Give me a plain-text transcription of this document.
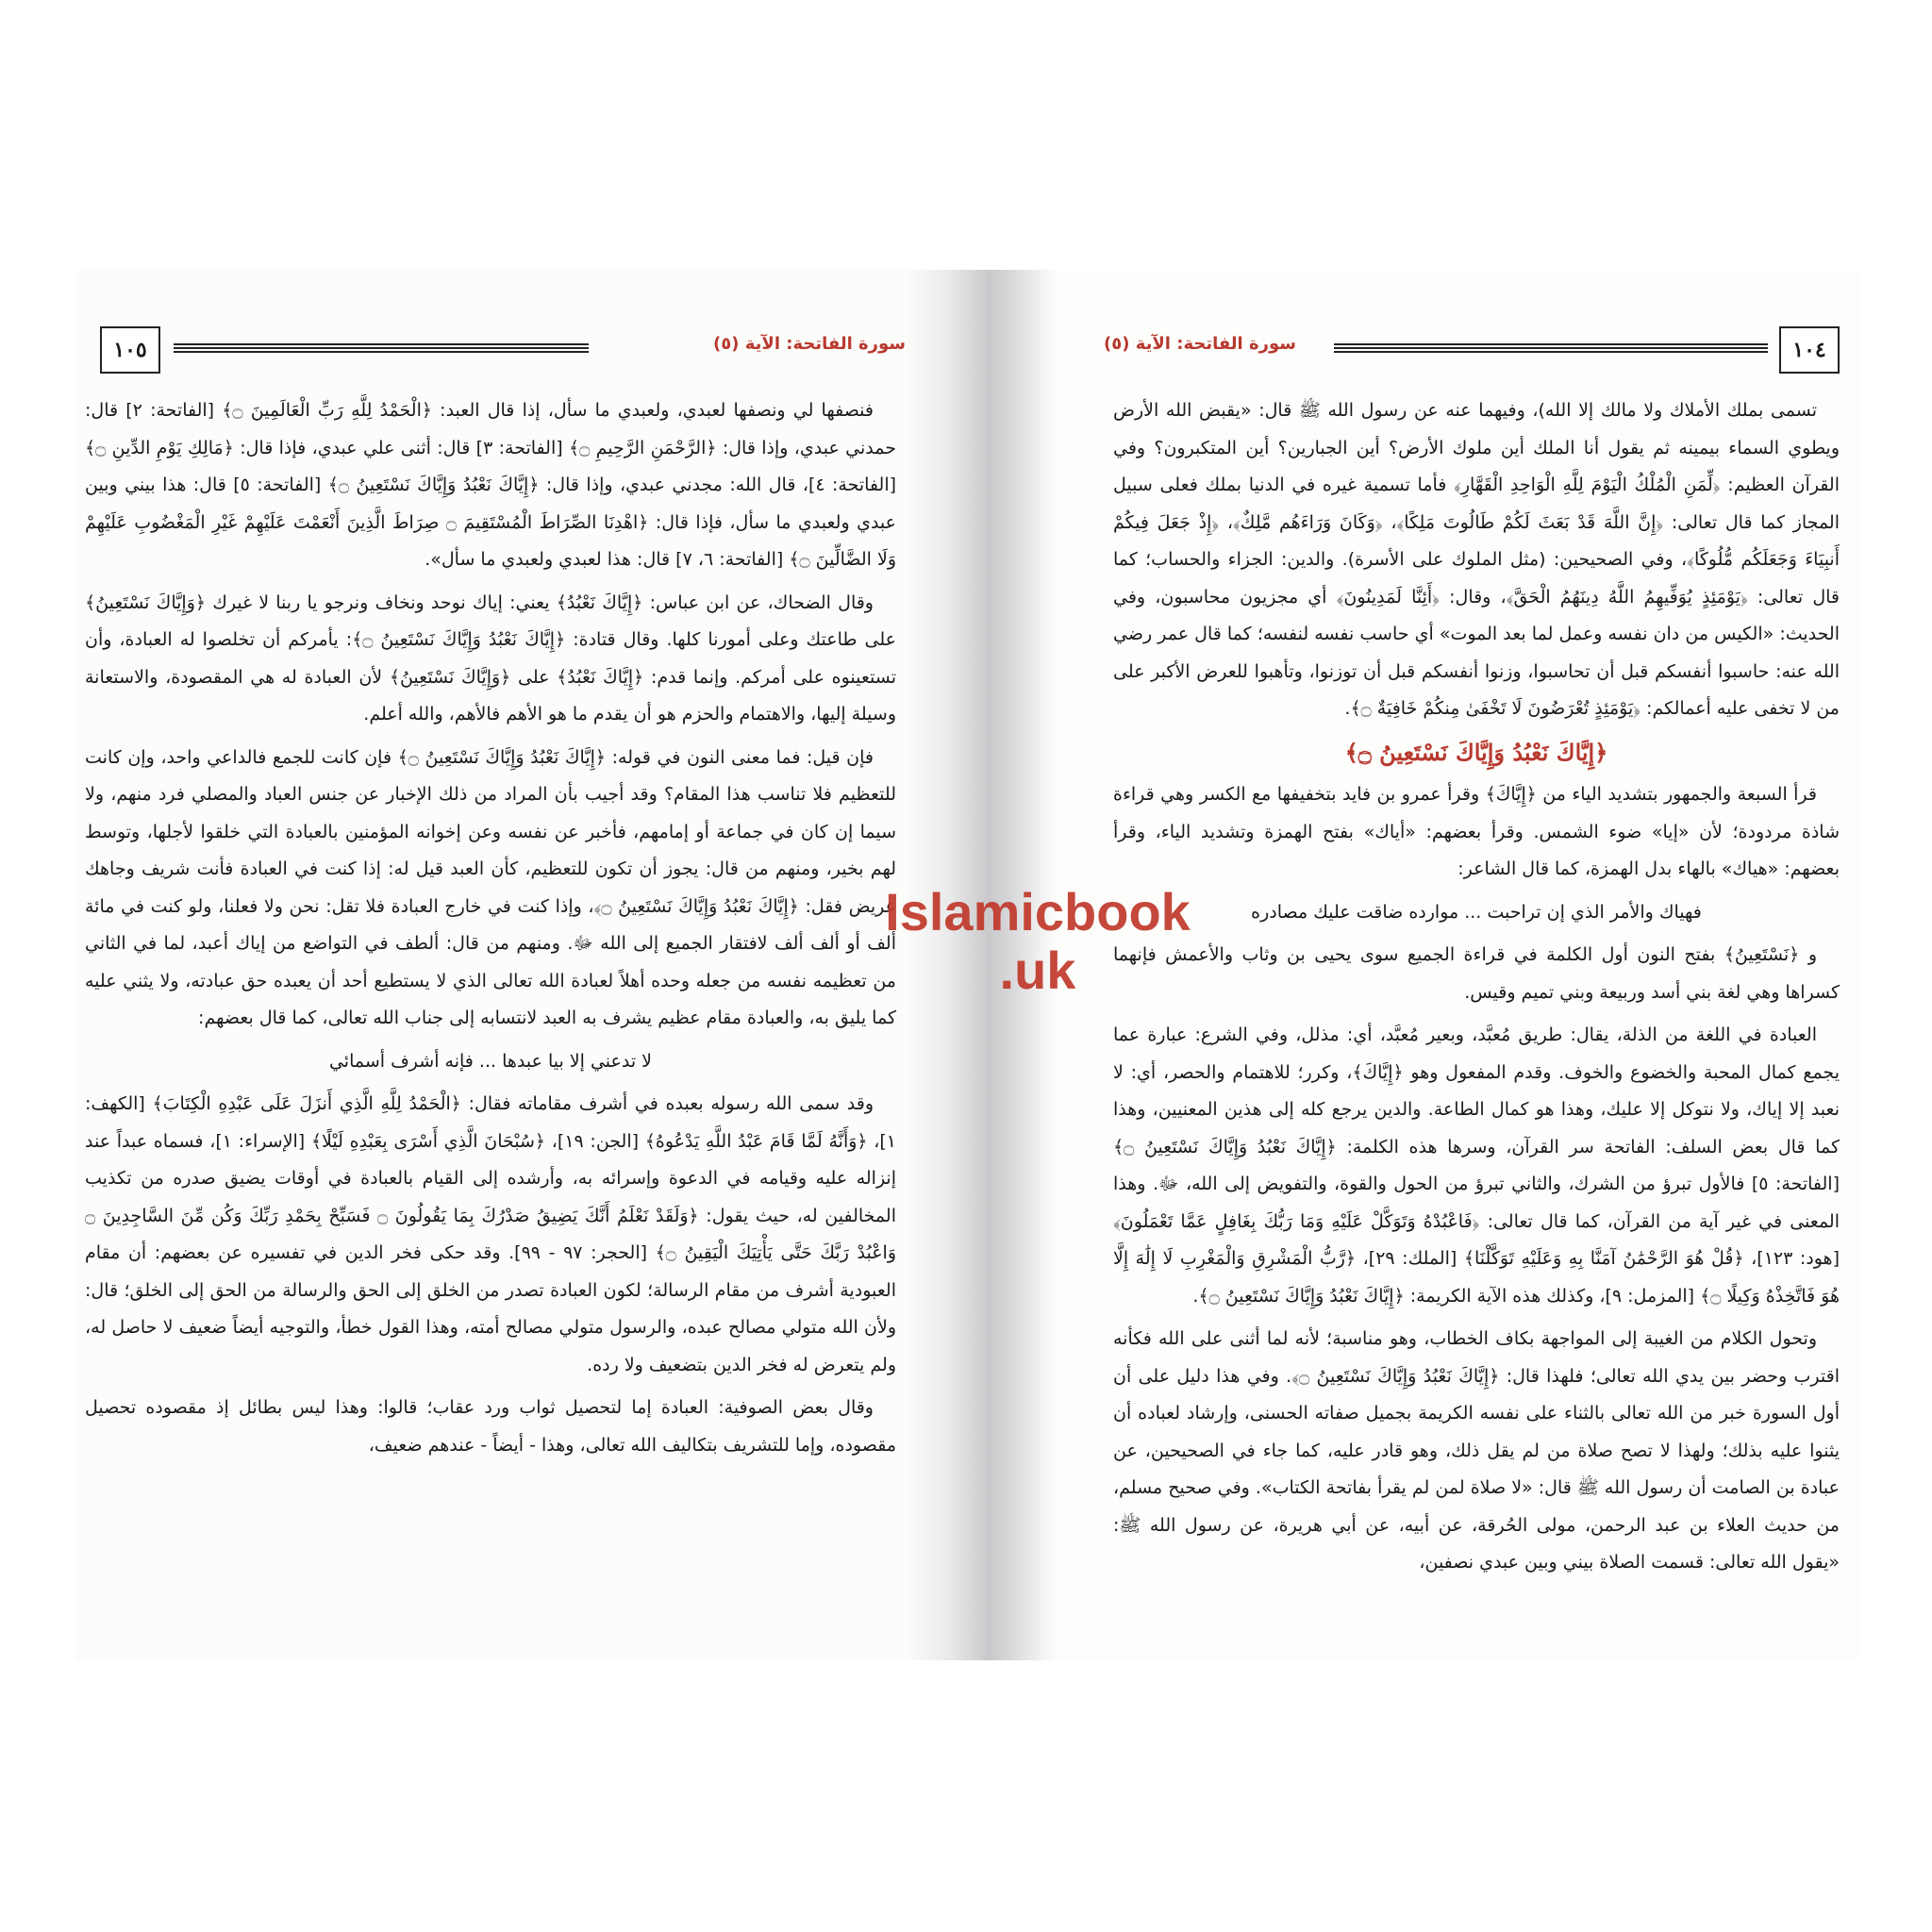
١٠٥	سورة الفاتحة: الآية (٥)

فنصفها لي ونصفها لعبدي، ولعبدي ما سأل، إذا قال العبد: ﴿الْحَمْدُ لِلَّهِ رَبِّ الْعَالَمِينَ ۝﴾ [الفاتحة: ٢] قال: حمدني عبدي، وإذا قال: ﴿الرَّحْمَنِ الرَّحِيمِ ۝﴾ [الفاتحة: ٣] قال: أثنى علي عبدي، فإذا قال: ﴿مَالِكِ يَوْمِ الدِّينِ ۝﴾ [الفاتحة: ٤]، قال الله: مجدني عبدي، وإذا قال: ﴿إِيَّاكَ نَعْبُدُ وَإِيَّاكَ نَسْتَعِينُ ۝﴾ [الفاتحة: ٥] قال: هذا بيني وبين عبدي ولعبدي ما سأل، فإذا قال: ﴿اهْدِنَا الصِّرَاطَ الْمُسْتَقِيمَ ۝ صِرَاطَ الَّذِينَ أَنْعَمْتَ عَلَيْهِمْ غَيْرِ الْمَغْضُوبِ عَلَيْهِمْ وَلَا الضَّالِّينَ ۝﴾ [الفاتحة: ٦، ٧] قال: هذا لعبدي ولعبدي ما سأل».

وقال الضحاك، عن ابن عباس: ﴿إِيَّاكَ نَعْبُدُ﴾ يعني: إياك نوحد ونخاف ونرجو يا ربنا لا غيرك ﴿وَإِيَّاكَ نَسْتَعِينُ﴾ على طاعتك وعلى أمورنا كلها. وقال قتادة: ﴿إِيَّاكَ نَعْبُدُ وَإِيَّاكَ نَسْتَعِينُ ۝﴾: يأمركم أن تخلصوا له العبادة، وأن تستعينوه على أمركم. وإنما قدم: ﴿إِيَّاكَ نَعْبُدُ﴾ على ﴿وَإِيَّاكَ نَسْتَعِينُ﴾ لأن العبادة له هي المقصودة، والاستعانة وسيلة إليها، والاهتمام والحزم هو أن يقدم ما هو الأهم فالأهم، والله أعلم.

فإن قيل: فما معنى النون في قوله: ﴿إِيَّاكَ نَعْبُدُ وَإِيَّاكَ نَسْتَعِينُ ۝﴾ فإن كانت للجمع فالداعي واحد، وإن كانت للتعظيم فلا تناسب هذا المقام؟ وقد أجيب بأن المراد من ذلك الإخبار عن جنس العباد والمصلي فرد منهم، ولا سيما إن كان في جماعة أو إمامهم، فأخبر عن نفسه وعن إخوانه المؤمنين بالعبادة التي خلقوا لأجلها، وتوسط لهم بخير، ومنهم من قال: يجوز أن تكون للتعظيم، كأن العبد قيل له: إذا كنت في العبادة فأنت شريف وجاهك عريض فقل: ﴿إِيَّاكَ نَعْبُدُ وَإِيَّاكَ نَسْتَعِينُ ۝﴾، وإذا كنت في خارج العبادة فلا تقل: نحن ولا فعلنا، ولو كنت في مائة ألف أو ألف ألف لافتقار الجميع إلى الله ﷻ. ومنهم من قال: ألطف في التواضع من إياك أعبد، لما في الثاني من تعظيمه نفسه من جعله وحده أهلاً لعبادة الله تعالى الذي لا يستطيع أحد أن يعبده حق عبادته، ولا يثني عليه كما يليق به، والعبادة مقام عظيم يشرف به العبد لانتسابه إلى جناب الله تعالى، كما قال بعضهم:

لا تدعني إلا بيا عبدها ... فإنه أشرف أسمائي

وقد سمى الله رسوله بعبده في أشرف مقاماته فقال: ﴿الْحَمْدُ لِلَّهِ الَّذِي أَنزَلَ عَلَى عَبْدِهِ الْكِتَابَ﴾ [الكهف: ١]، ﴿وَأَنَّهُ لَمَّا قَامَ عَبْدُ اللَّهِ يَدْعُوهُ﴾ [الجن: ١٩]، ﴿سُبْحَانَ الَّذِي أَسْرَى بِعَبْدِهِ لَيْلًا﴾ [الإسراء: ١]، فسماه عبداً عند إنزاله عليه وقيامه في الدعوة وإسرائه به، وأرشده إلى القيام بالعبادة في أوقات يضيق صدره من تكذيب المخالفين له، حيث يقول: ﴿وَلَقَدْ نَعْلَمُ أَنَّكَ يَضِيقُ صَدْرُكَ بِمَا يَقُولُونَ ۝ فَسَبِّحْ بِحَمْدِ رَبِّكَ وَكُن مِّنَ السَّاجِدِينَ ۝ وَاعْبُدْ رَبَّكَ حَتَّى يَأْتِيَكَ الْيَقِينُ ۝﴾ [الحجر: ٩٧ - ٩٩]. وقد حكى فخر الدين في تفسيره عن بعضهم: أن مقام العبودية أشرف من مقام الرسالة؛ لكون العبادة تصدر من الخلق إلى الحق والرسالة من الحق إلى الخلق؛ قال: ولأن الله متولي مصالح عبده، والرسول متولي مصالح أمته، وهذا القول خطأ، والتوجيه أيضاً ضعيف لا حاصل له، ولم يتعرض له فخر الدين بتضعيف ولا رده.

وقال بعض الصوفية: العبادة إما لتحصيل ثواب ورد عقاب؛ قالوا: وهذا ليس بطائل إذ مقصوده تحصيل مقصوده، وإما للتشريف بتكاليف الله تعالى، وهذا - أيضاً - عندهم ضعيف،

١٠٤
سورة الفاتحة: الآية (٥)

تسمى بملك الأملاك ولا مالك إلا الله)، وفيهما عنه عن رسول الله ﷺ قال: «يقبض الله الأرض ويطوي السماء بيمينه ثم يقول أنا الملك أين ملوك الأرض؟ أين الجبارين؟ أين المتكبرون؟ وفي القرآن العظيم: ﴿لِّمَنِ الْمُلْكُ الْيَوْمَ لِلَّهِ الْوَاحِدِ الْقَهَّارِ﴾ فأما تسمية غيره في الدنيا بملك فعلى سبيل المجاز كما قال تعالى: ﴿إِنَّ اللَّهَ قَدْ بَعَثَ لَكُمْ طَالُوتَ مَلِكًا﴾، ﴿وَكَانَ وَرَاءَهُم مَّلِكٌ﴾، ﴿إِذْ جَعَلَ فِيكُمْ أَنبِيَاءَ وَجَعَلَكُم مُّلُوكًا﴾، وفي الصحيحين: (مثل الملوك على الأسرة). والدين: الجزاء والحساب؛ كما قال تعالى: ﴿يَوْمَئِذٍ يُوَفِّيهِمُ اللَّهُ دِينَهُمُ الْحَقَّ﴾، وقال: ﴿أَئِنَّا لَمَدِينُونَ﴾ أي مجزيون محاسبون، وفي الحديث: «الكيس من دان نفسه وعمل لما بعد الموت» أي حاسب نفسه لنفسه؛ كما قال عمر رضي الله عنه: حاسبوا أنفسكم قبل أن تحاسبوا، وزنوا أنفسكم قبل أن توزنوا، وتأهبوا للعرض الأكبر على من لا تخفى عليه أعمالكم: ﴿يَوْمَئِذٍ تُعْرَضُونَ لَا تَخْفَىٰ مِنكُمْ خَافِيَةٌ ۝﴾.

﴿إِيَّاكَ نَعْبُدُ وَإِيَّاكَ نَسْتَعِينُ ۝﴾

قرأ السبعة والجمهور بتشديد الياء من ﴿إِيَّاكَ﴾ وقرأ عمرو بن فايد بتخفيفها مع الكسر وهي قراءة شاذة مردودة؛ لأن «إيا» ضوء الشمس. وقرأ بعضهم: «أياك» بفتح الهمزة وتشديد الياء، وقرأ بعضهم: «هياك» بالهاء بدل الهمزة، كما قال الشاعر:

فهياك والأمر الذي إن تراحبت ... موارده ضاقت عليك مصادره

و ﴿نَسْتَعِينُ﴾ بفتح النون أول الكلمة في قراءة الجميع سوى يحيى بن وثاب والأعمش فإنهما كسراها وهي لغة بني أسد وربيعة وبني تميم وقيس.

العبادة في اللغة من الذلة، يقال: طريق مُعبَّد، وبعير مُعبَّد، أي: مذلل، وفي الشرع: عبارة عما يجمع كمال المحبة والخضوع والخوف. وقدم المفعول وهو ﴿إِيَّاكَ﴾، وكرر؛ للاهتمام والحصر، أي: لا نعبد إلا إياك، ولا نتوكل إلا عليك، وهذا هو كمال الطاعة. والدين يرجع كله إلى هذين المعنيين، وهذا كما قال بعض السلف: الفاتحة سر القرآن، وسرها هذه الكلمة: ﴿إِيَّاكَ نَعْبُدُ وَإِيَّاكَ نَسْتَعِينُ ۝﴾ [الفاتحة: ٥] فالأول تبرؤ من الشرك، والثاني تبرؤ من الحول والقوة، والتفويض إلى الله، ﷻ. وهذا المعنى في غير آية من القرآن، كما قال تعالى: ﴿فَاعْبُدْهُ وَتَوَكَّلْ عَلَيْهِ وَمَا رَبُّكَ بِغَافِلٍ عَمَّا تَعْمَلُونَ﴾ [هود: ١٢٣]، ﴿قُلْ هُوَ الرَّحْمَٰنُ آمَنَّا بِهِ وَعَلَيْهِ تَوَكَّلْنَا﴾ [الملك: ٢٩]، ﴿رَّبُّ الْمَشْرِقِ وَالْمَغْرِبِ لَا إِلَٰهَ إِلَّا هُوَ فَاتَّخِذْهُ وَكِيلًا ۝﴾ [المزمل: ٩]، وكذلك هذه الآية الكريمة: ﴿إِيَّاكَ نَعْبُدُ وَإِيَّاكَ نَسْتَعِينُ ۝﴾.

وتحول الكلام من الغيبة إلى المواجهة بكاف الخطاب، وهو مناسبة؛ لأنه لما أثنى على الله فكأنه اقترب وحضر بين يدي الله تعالى؛ فلهذا قال: ﴿إِيَّاكَ نَعْبُدُ وَإِيَّاكَ نَسْتَعِينُ ۝﴾. وفي هذا دليل على أن أول السورة خبر من الله تعالى بالثناء على نفسه الكريمة بجميل صفاته الحسنى، وإرشاد لعباده أن يثنوا عليه بذلك؛ ولهذا لا تصح صلاة من لم يقل ذلك، وهو قادر عليه، كما جاء في الصحيحين، عن عبادة بن الصامت أن رسول الله ﷺ قال: «لا صلاة لمن لم يقرأ بفاتحة الكتاب». وفي صحيح مسلم، من حديث العلاء بن عبد الرحمن، مولى الحُرقة، عن أبيه، عن أبي هريرة، عن رسول الله ﷺ: «يقول الله تعالى: قسمت الصلاة بيني وبين عبدي نصفين،

Islamicbook
.uk
